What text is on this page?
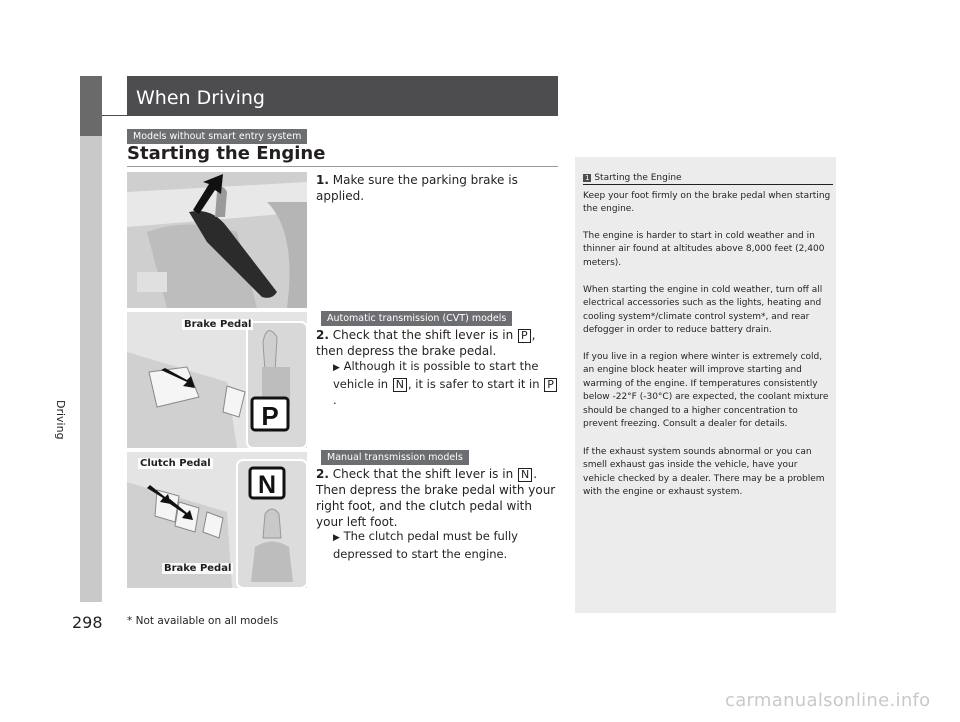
Driving
298
When Driving
Models without smart entry system
Starting the Engine
P
Brake Pedal
N
Clutch Pedal
Brake Pedal
1. Make sure the parking brake is applied.
Automatic transmission (CVT) models
2. Check that the shift lever is in P , then depress the brake pedal.
▶ Although it is possible to start the vehicle in N , it is safer to start it in P.
Manual transmission models
2. Check that the shift lever is in N . Then depress the brake pedal with your right foot, and the clutch pedal with your left foot.
▶ The clutch pedal must be fully depressed to start the engine.
1 Starting the Engine
Keep your foot firmly on the brake pedal when starting the engine.
The engine is harder to start in cold weather and in thinner air found at altitudes above 8,000 feet (2,400 meters).
When starting the engine in cold weather, turn off all electrical accessories such as the lights, heating and cooling system*/climate control system*, and rear defogger in order to reduce battery drain.
If you live in a region where winter is extremely cold, an engine block heater will improve starting and warming of the engine. If temperatures consistently below -22°F (-30°C) are expected, the coolant mixture should be changed to a higher concentration to prevent freezing. Consult a dealer for details.
If the exhaust system sounds abnormal or you can smell exhaust gas inside the vehicle, have your vehicle checked by a dealer. There may be a problem with the engine or exhaust system.
* Not available on all models
carmanualsonline.info
